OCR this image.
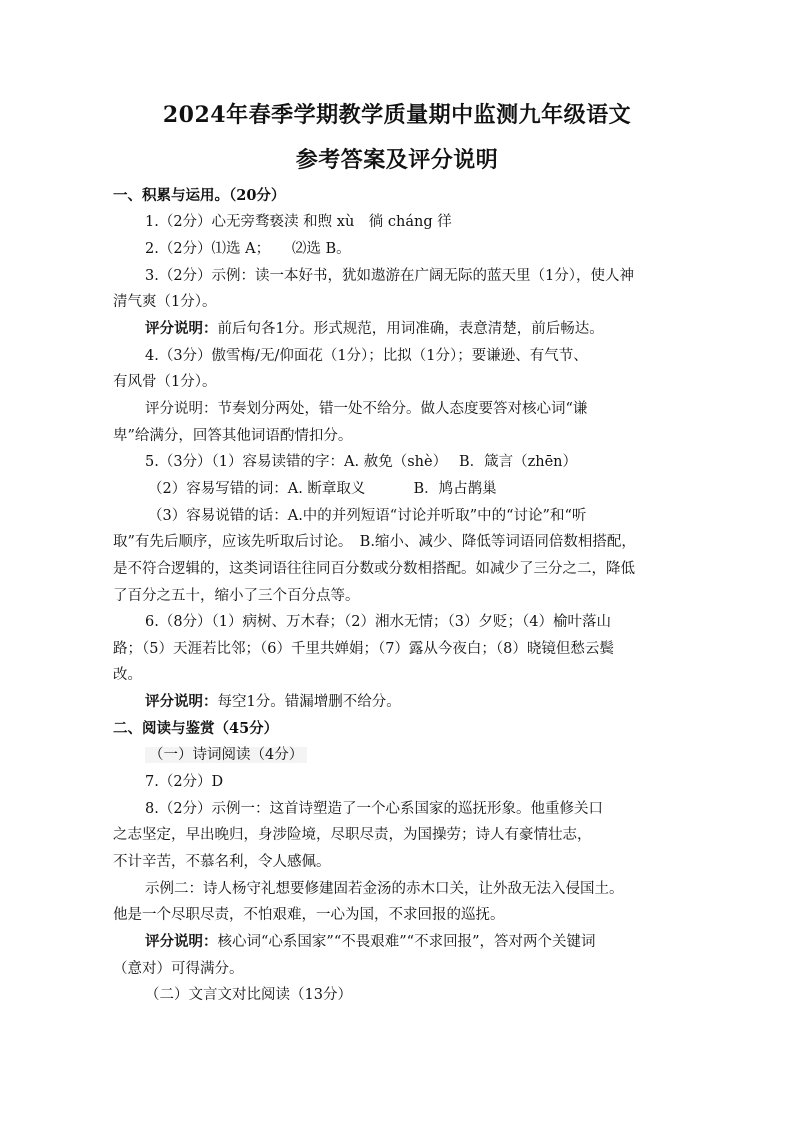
2024年春季学期教学质量期中监测九年级语文
参考答案及评分说明
一、积累与运用。（20分）
1.（2分）心无旁骛亵渎 和煦 xù　徜 cháng 徉
2.（2分）⑴选 A；　　⑵选 B。
3.（2分）示例：读一本好书，犹如遨游在广阔无际的蓝天里（1分），使人神
清气爽（1分）。
评分说明：前后句各1分。形式规范，用词准确，表意清楚，前后畅达。
4.（3分）傲雪梅/无/仰面花（1分）；比拟（1分）；要谦逊、有气节、
有风骨（1分）。
评分说明：节奏划分两处，错一处不给分。做人态度要答对核心词“谦
卑”给满分，回答其他词语酌情扣分。
5.（3分）（1）容易读错的字：A. 赦免（shè）　 B．箴言（zhēn）
（2）容易写错的词：A. 断章取义　　　 B．鸠占鹊巢
（3）容易说错的话：A.中的并列短语“讨论并听取”中的“讨论”和“听
取”有先后顺序，应该先听取后讨论。　B.缩小、减少、降低等词语同倍数相搭配，
是不符合逻辑的，这类词语往往同百分数或分数相搭配。如减少了三分之二，降低
了百分之五十，缩小了三个百分点等。
6.（8分）（1）病树、万木春；（2）湘水无情；（3）夕贬；（4）榆叶落山
路；（5）天涯若比邻；（6）千里共婵娟；（7）露从今夜白；（8）晓镜但愁云鬓
改。
评分说明：每空1分。错漏增删不给分。
二、阅读与鉴赏（45分）
（一）诗词阅读（4分）
7.（2分）D
8.（2分）示例一：这首诗塑造了一个心系国家的巡抚形象。他重修关口
之志坚定，早出晚归，身涉险境，尽职尽责，为国操劳；诗人有豪情壮志，
不计辛苦，不慕名利，令人感佩。
示例二：诗人杨守礼想要修建固若金汤的赤木口关，让外敌无法入侵国土。
他是一个尽职尽责，不怕艰难，一心为国，不求回报的巡抚。
评分说明：核心词“心系国家”“不畏艰难”“不求回报”，答对两个关键词
（意对）可得满分。
（二）文言文对比阅读（13分）
